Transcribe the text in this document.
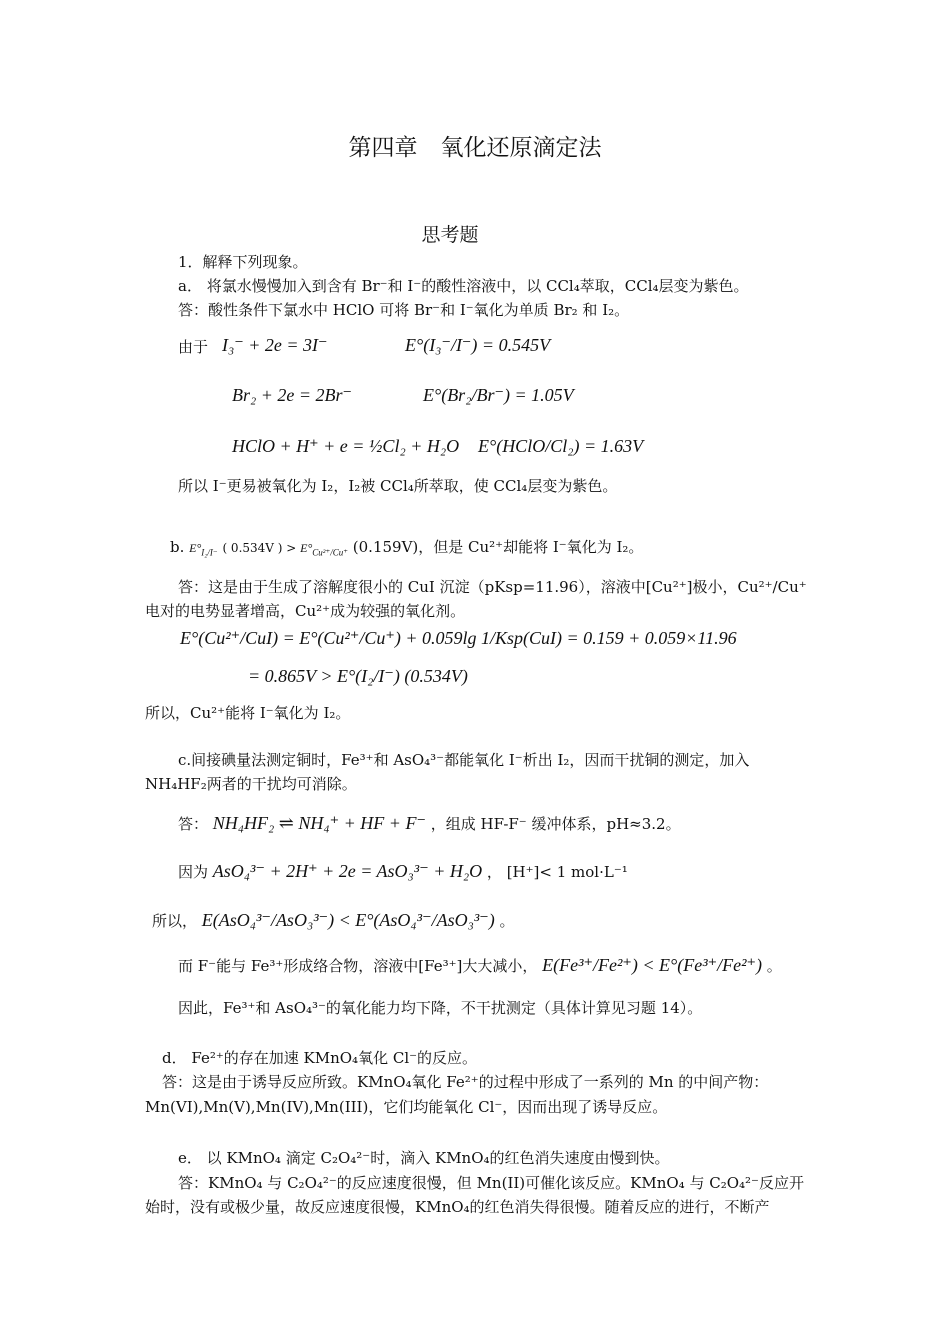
第四章　氧化还原滴定法
思考题
1．解释下列现象。
a． 将氯水慢慢加入到含有 Br⁻和 I⁻的酸性溶液中，以 CCl₄萃取，CCl₄层变为紫色。
答：酸性条件下氯水中 HClO 可将 Br⁻和 I⁻氧化为单质 Br₂ 和 I₂。
由于 I₃⁻ + 2e = 3I⁻	E°(I₃⁻/I⁻) = 0.545V
Br₂ + 2e = 2Br⁻	E°(Br₂/Br⁻) = 1.05V
HClO + H⁺ + e = ½Cl₂ + H₂O E°(HClO/Cl₂) = 1.63V
所以 I⁻更易被氧化为 I₂，I₂被 CCl₄所萃取，使 CCl₄层变为紫色。
b. $E^\circ_{I_2/I^-}$ ( 0.534V ) > $E^\circ_{Cu^{2+}/Cu^+}$ (0.159V)，但是 Cu²⁺却能将 I⁻氧化为 I₂。
答：这是由于生成了溶解度很小的 CuI 沉淀（pKsp=11.96），溶液中[Cu²⁺]极小，Cu²⁺/Cu⁺
电对的电势显著增高，Cu²⁺成为较强的氧化剂。
E°(Cu²⁺/CuI) = E°(Cu²⁺/Cu⁺) + 0.059lg 1/Ksp(CuI) = 0.159 + 0.059×11.96
= 0.865V > E°(I₂/I⁻) (0.534V)
所以，Cu²⁺能将 I⁻氧化为 I₂。
c.间接碘量法测定铜时，Fe³⁺和 AsO₄³⁻都能氧化 I⁻析出 I₂，因而干扰铜的测定，加入
NH₄HF₂两者的干扰均可消除。
答： NH₄HF₂ ⇌ NH₄⁺ + HF + F⁻ ，组成 HF-F⁻ 缓冲体系，pH≈3.2。
因为 AsO₄³⁻ + 2H⁺ + 2e = AsO₃³⁻ + H₂O ， [H⁺]< 1 mol·L⁻¹
所以， E(AsO₄³⁻/AsO₃³⁻) < E°(AsO₄³⁻/AsO₃³⁻) 。
而 F⁻能与 Fe³⁺形成络合物，溶液中[Fe³⁺]大大减小， E(Fe³⁺/Fe²⁺) < E°(Fe³⁺/Fe²⁺) 。
因此，Fe³⁺和 AsO₄³⁻的氧化能力均下降，不干扰测定（具体计算见习题 14）。
d． Fe²⁺的存在加速 KMnO₄氧化 Cl⁻的反应。
答：这是由于诱导反应所致。KMnO₄氧化 Fe²⁺的过程中形成了一系列的 Mn 的中间产物：
Mn(VI),Mn(V),Mn(IV),Mn(III)，它们均能氧化 Cl⁻，因而出现了诱导反应。
e． 以 KMnO₄ 滴定 C₂O₄²⁻时，滴入 KMnO₄的红色消失速度由慢到快。
答：KMnO₄ 与 C₂O₄²⁻的反应速度很慢，但 Mn(II)可催化该反应。KMnO₄ 与 C₂O₄²⁻反应开
始时，没有或极少量，故反应速度很慢，KMnO₄的红色消失得很慢。随着反应的进行，不断产
